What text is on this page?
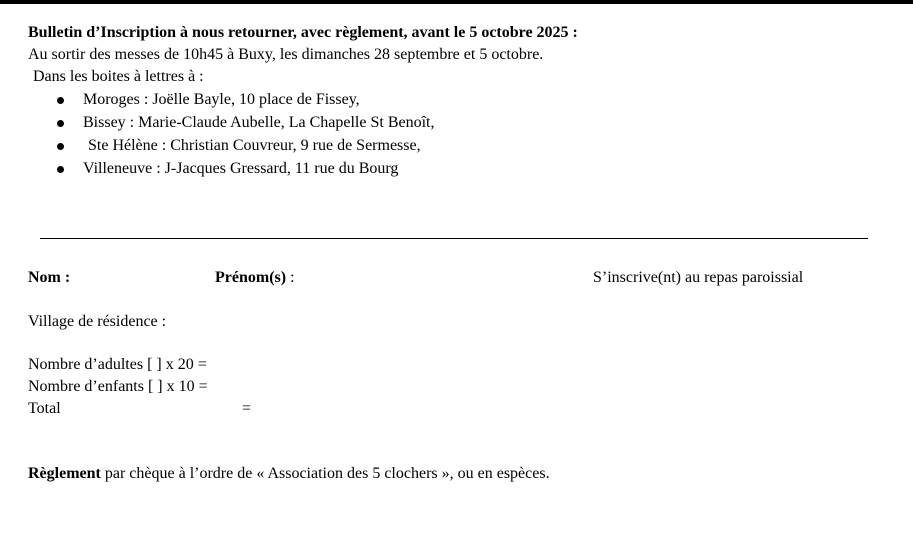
Bulletin d’Inscription à nous retourner, avec règlement, avant le 5 octobre 2025 :
Au sortir des messes de 10h45 à Buxy, les dimanches 28 septembre et 5 octobre.
Dans les boites à lettres à :
Moroges : Joëlle Bayle, 10 place de Fissey,
Bissey : Marie-Claude Aubelle, La Chapelle St Benoît,
Ste Hélène : Christian Couvreur, 9 rue de Sermesse,
Villeneuve : J-Jacques Gressard, 11 rue du Bourg
Nom :	Prénom(s) :	S’inscrive(nt) au repas paroissial
Village de résidence :
Nombre d’adultes [ ] x 20 =
Nombre d’enfants [ ] x 10 =
Total	=
Règlement par chèque à l’ordre de « Association des 5 clochers », ou en espèces.
